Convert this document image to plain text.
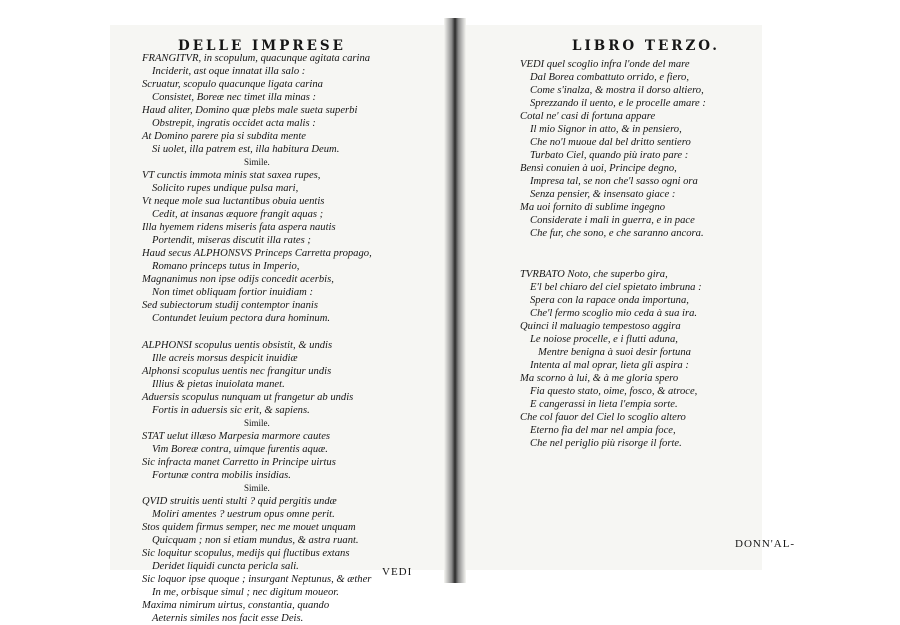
DELLE IMPRESE
FRANGITVR, in scopulum, quacunque agitata carina
Inciderit, ast oque innatat illa salo :
Scruatur, scopulo quacunque ligata carina
Consistet, Boreæ nec timet illa minas :
Haud aliter, Domino quæ plebs male sueta superbi
Obstrepit, ingratis occidet acta malis :
At Domino parere pia si subdita mente
Si uolet, illa patrem est, illa habitura Deum.
Simile.
VT cunctis immota minis stat saxea rupes,
Solicito rupes undique pulsa mari,
Vt neque mole sua luctantibus obuia uentis
Cedit, at insanas æquore frangit aquas ;
Illa hyemem ridens miseris fata aspera nautis
Portendit, miseras discutit illa rates ;
Haud secus ALPHONSVS Princeps Carretta propago,
Romano princeps tutus in Imperio,
Magnanimus non ipse odijs concedit acerbis,
Non timet obliquam fortior inuidiam :
Sed subiectorum studij contemptor inanis
Contundet leuium pectora dura hominum.
ALPHONSI scopulus uentis obsistit, & undis
Ille acreis morsus despicit inuidiæ
Alphonsi scopulus uentis nec frangitur undis
Illius & pietas inuiolata manet.
Aduersis scopulus nunquam ut frangetur ab undis
Fortis in aduersis sic erit, & sapiens.
Simile.
STAT uelut illæso Marpesia marmore cautes
Vim Boreæ contra, uimque furentis aquæ.
Sic infracta manet Carretto in Principe uirtus
Fortunæ contra mobilis insidias.
Simile.
QVID struitis uenti stulti ? quid pergitis undæ
Moliri amentes ? uestrum opus omne perit.
Stos quidem firmus semper, nec me mouet unquam
Quicquam ; non si etiam mundus, & astra ruant.
Sic loquitur scopulus, medijs qui fluctibus extans
Deridet liquidi cuncta pericla sali.
Sic loquor ipse quoque ; insurgant Neptunus, & æther
In me, orbisque simul ; nec digitum moueor.
Maxima nimirum uirtus, constantia, quando
Aeternis similes nos facit esse Deis.
VEDI
LIBRO TERZO.
VEDI quel scoglio infra l'onde del mare
Dal Borea combattuto orrido, e fiero,
Come s'inalza, & mostra il dorso altiero,
Sprezzando il uento, e le procelle amare :
Cotal ne' casi di fortuna appare
Il mio Signor in atto, & in pensiero,
Che no'l muoue dal bel dritto sentiero
Turbato Ciel, quando più irato pare :
Bensì conuien à uoi, Principe degno,
Impresa tal, se non che'l sasso ogni ora
Senza pensier, & insensato giace :
Ma uoi fornito di sublime ingegno
Considerate i mali in guerra, e in pace
Che fur, che sono, e che saranno ancora.
TVRBATO Noto, che superbo gira,
E'l bel chiaro del ciel spietato imbruna :
Spera con la rapace onda importuna,
Che'l fermo scoglio mio ceda à sua ira.
Quinci il maluagio tempestoso aggira
Le noiose procelle, e i flutti aduna,
Mentre benigna à suoi desir fortuna
Intenta al mal oprar, lieta gli aspira :
Ma scorno à lui, & à me gloria spero
Fia questo stato, oime, fosco, & atroce,
E cangerassi in lieta l'empia sorte.
Che col fauor del Ciel lo scoglio altero
Eterno fia del mar nel ampia foce,
Che nel periglio più risorge il forte.
DONN'AL-
